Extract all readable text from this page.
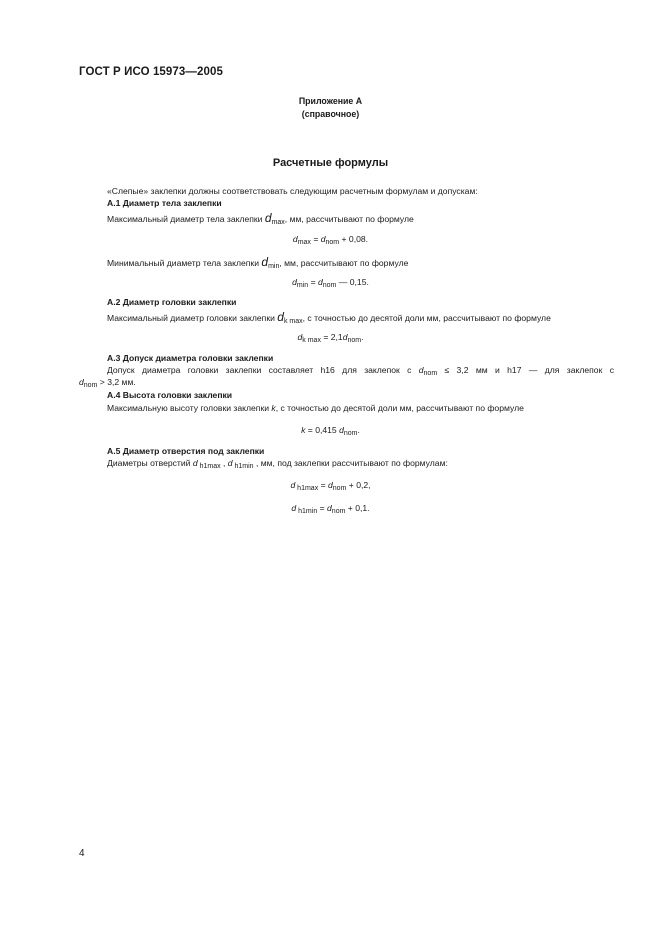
ГОСТ Р ИСО 15973—2005
Приложение А
(справочное)
Расчетные формулы
«Слепые» заклепки должны соответствовать следующим расчетным формулам и допускам:
А.1 Диаметр тела заклепки
Максимальный диаметр тела заклепки $d_{max}$, мм, рассчитывают по формуле
$d_{max} = d_{nom} + 0,08$.
Минимальный диаметр тела заклепки $d_{min}$, мм, рассчитывают по формуле
$d_{min} = d_{nom}$ — 0,15.
А.2 Диаметр головки заклепки
Максимальный диаметр головки заклепки $d_{k max}$, с точностью до десятой доли мм, рассчитывают по формуле
$d_{k max} = 2,1d_{nom}$.
А.3 Допуск диаметра головки заклепки
Допуск диаметра головки заклепки составляет h16 для заклепок с $d_{nom} \le 3,2$ мм и h17 — для заклепок с
$d_{nom} > 3,2$ мм.
А.4 Высота головки заклепки
Максимальную высоту головки заклепки k, с точностью до десятой доли мм, рассчитывают по формуле
k = 0,415 $d_{nom}$.
А.5 Диаметр отверстия под заклепки
Диаметры отверстий d $_{h1max}$ , d $_{h1min}$ , мм, под заклепки рассчитывают по формулам:
d $_{h1max} = d_{nom} + 0,2$,
d $_{h1min} = d_{nom} + 0,1$.
4
